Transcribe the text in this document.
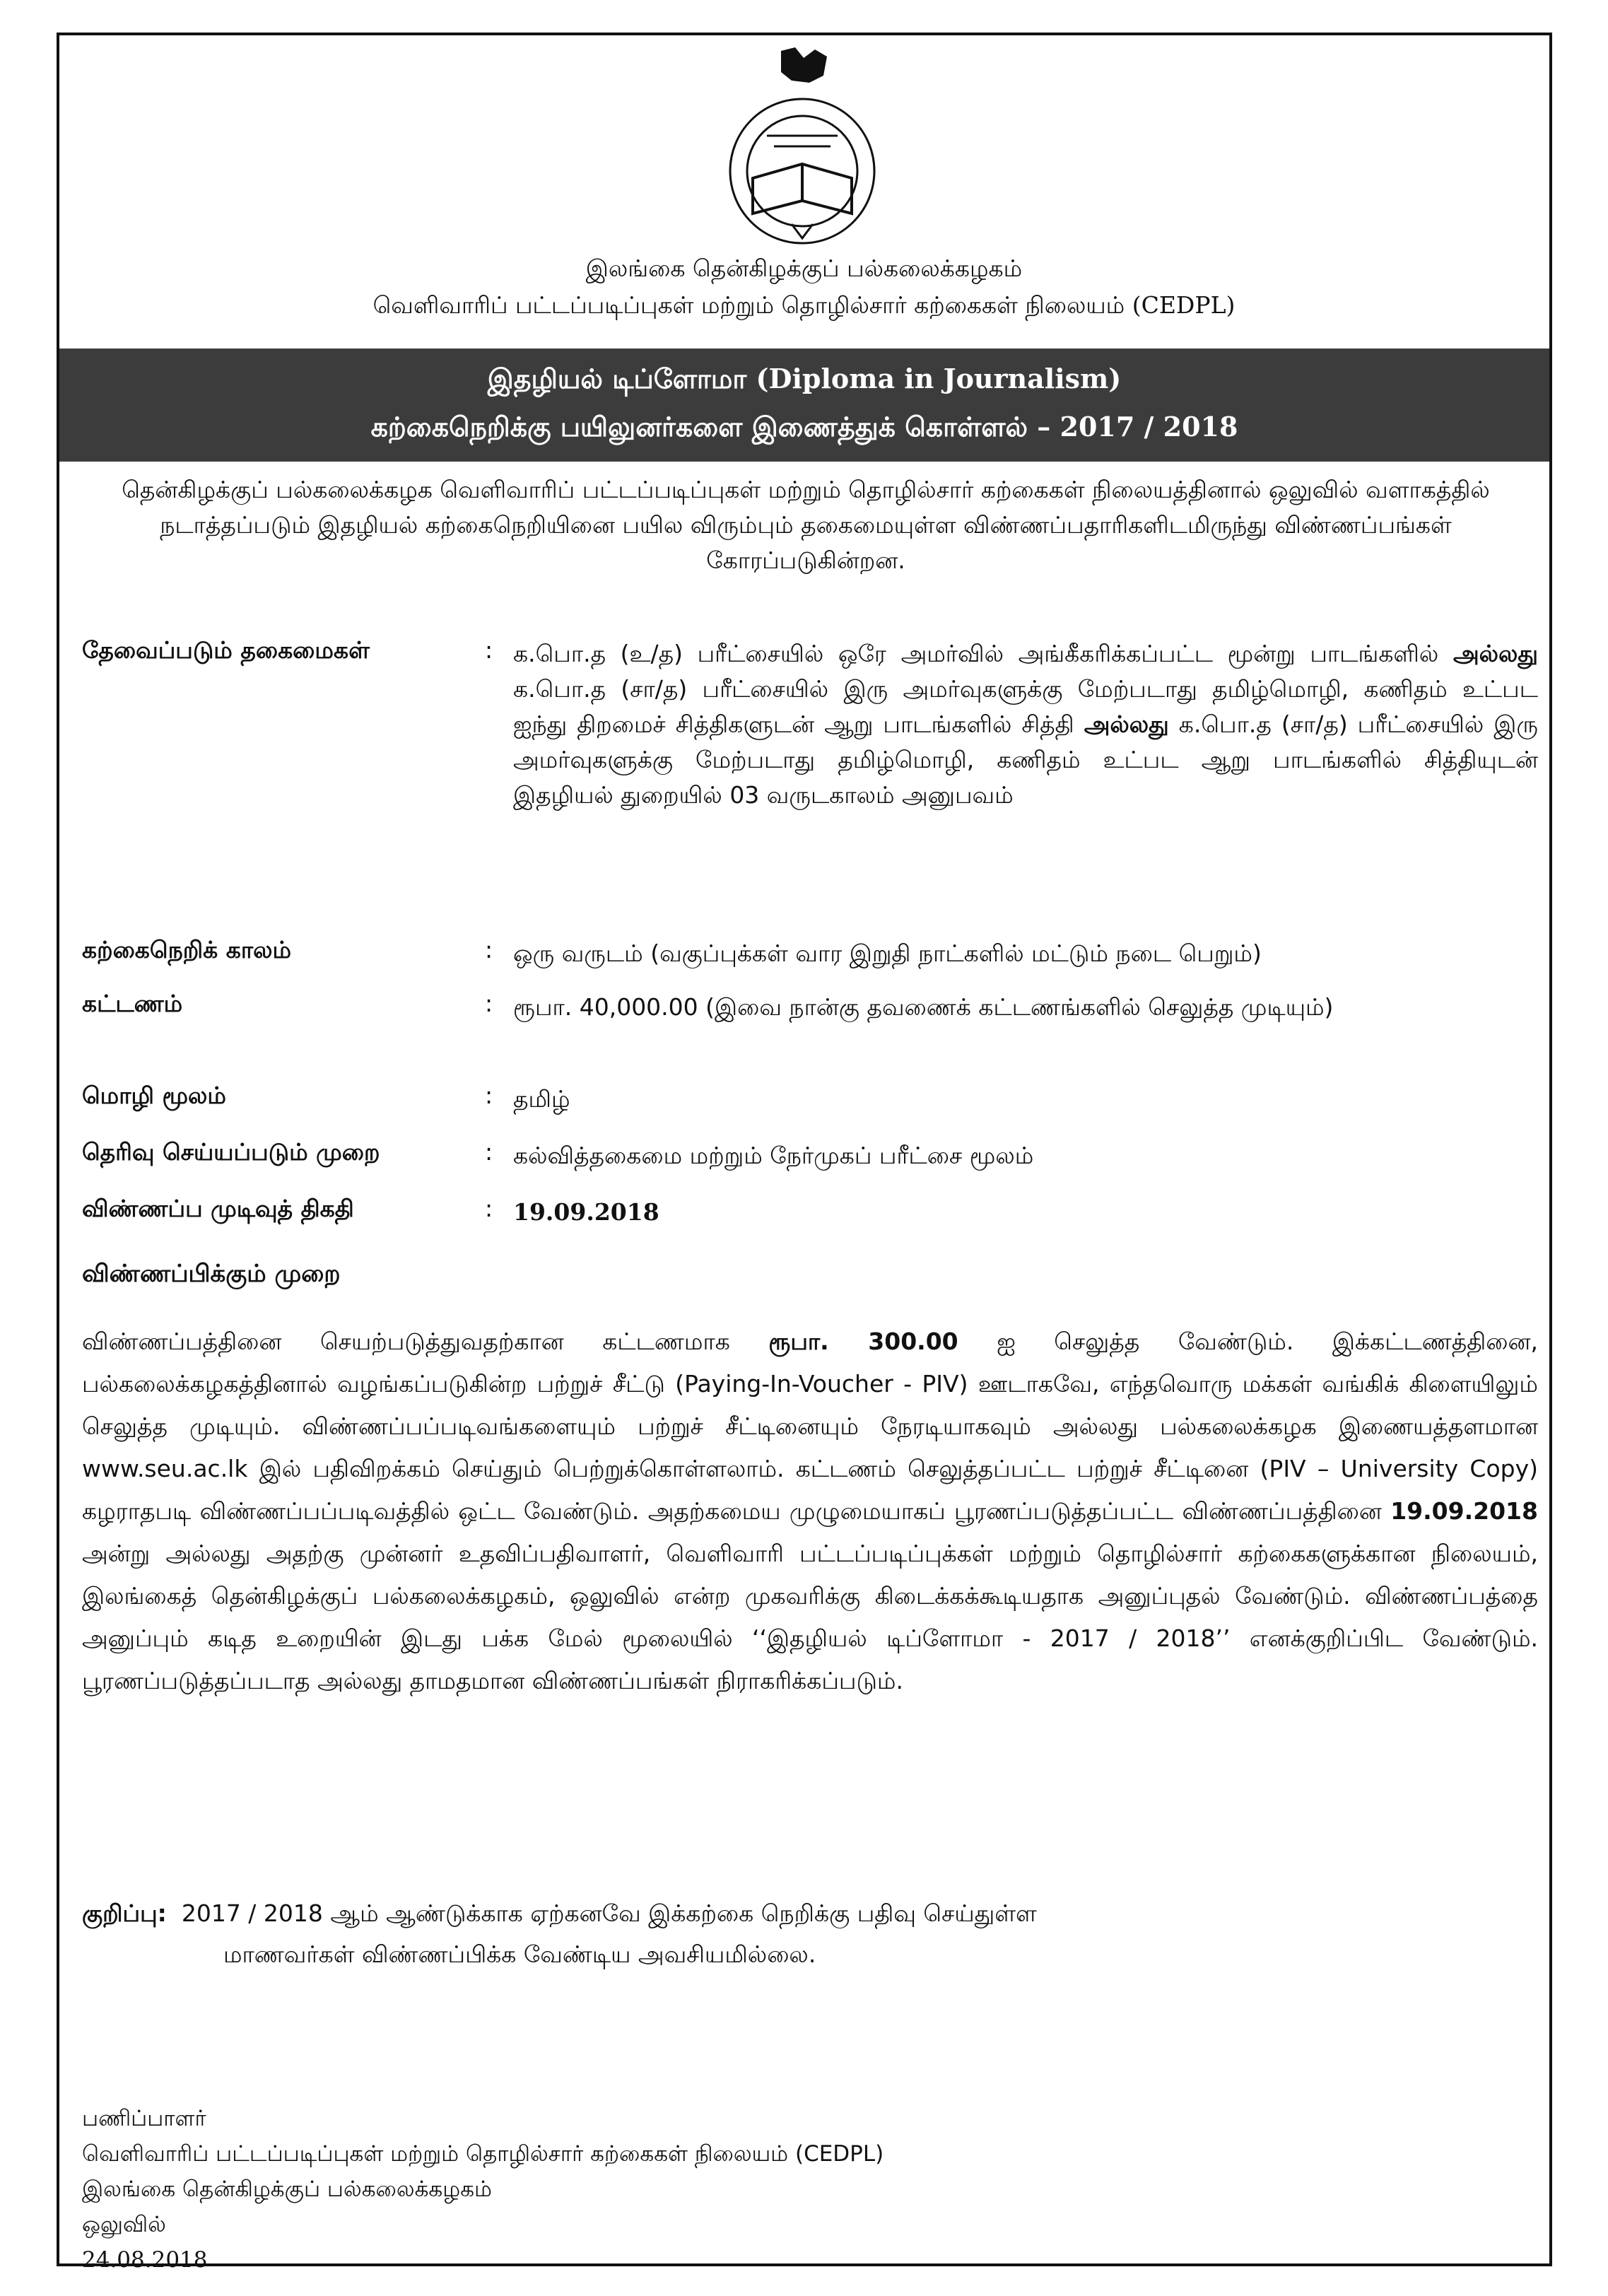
இலங்கை தென்கிழக்குப் பல்கலைக்கழகம்
வெளிவாரிப் பட்டப்படிப்புகள் மற்றும் தொழில்சார் கற்கைகள் நிலையம் (CEDPL)
இதழியல் டிப்ளோமா (Diploma in Journalism)
கற்கைநெறிக்கு பயிலுனர்களை இணைத்துக் கொள்ளல் – 2017 / 2018
தென்கிழக்குப் பல்கலைக்கழக வெளிவாரிப் பட்டப்படிப்புகள் மற்றும் தொழில்சார் கற்கைகள் நிலையத்தினால் ஒலுவில் வளாகத்தில் நடாத்தப்படும் இதழியல் கற்கைநெறியினை பயில விரும்பும் தகைமையுள்ள விண்ணப்பதாரிகளிடமிருந்து விண்ணப்பங்கள் கோரப்படுகின்றன.
தேவைப்படும் தகைமைகள்	: க.பொ.த (உ/த) பரீட்சையில் ஒரே அமர்வில் அங்கீகரிக்கப்பட்ட மூன்று பாடங்களில் அல்லது க.பொ.த (சா/த) பரீட்சையில் இரு அமர்வுகளுக்கு மேற்படாது தமிழ்மொழி, கணிதம் உட்பட ஐந்து திறமைச் சித்திகளுடன் ஆறு பாடங்களில் சித்தி அல்லது க.பொ.த (சா/த) பரீட்சையில் இரு அமர்வுகளுக்கு மேற்படாது தமிழ்மொழி, கணிதம் உட்பட ஆறு பாடங்களில் சித்தியுடன் இதழியல் துறையில் 03 வருடகாலம் அனுபவம்
கற்கைநெறிக் காலம்	: ஒரு வருடம் (வகுப்புக்கள் வார இறுதி நாட்களில் மட்டும் நடை பெறும்)
கட்டணம்	: ரூபா. 40,000.00 (இவை நான்கு தவணைக் கட்டணங்களில் செலுத்த முடியும்)
மொழி மூலம்	: தமிழ்
தெரிவு செய்யப்படும் முறை	: கல்வித்தகைமை மற்றும் நேர்முகப் பரீட்சை மூலம்
விண்ணப்ப முடிவுத் திகதி	: 19.09.2018
விண்ணப்பிக்கும் முறை
விண்ணப்பத்தினை செயற்படுத்துவதற்கான கட்டணமாக ரூபா. 300.00 ஐ செலுத்த வேண்டும். இக்கட்டணத்தினை, பல்கலைக்கழகத்தினால் வழங்கப்படுகின்ற பற்றுச் சீட்டு (Paying-In-Voucher - PIV) ஊடாகவே, எந்தவொரு மக்கள் வங்கிக் கிளையிலும் செலுத்த முடியும். விண்ணப்பப்படிவங்களையும் பற்றுச் சீட்டினையும் நேரடியாகவும் அல்லது பல்கலைக்கழக இணையத்தளமான www.seu.ac.lk இல் பதிவிறக்கம் செய்தும் பெற்றுக்கொள்ளலாம். கட்டணம் செலுத்தப்பட்ட பற்றுச் சீட்டினை (PIV – University Copy) கழராதபடி விண்ணப்பப்படிவத்தில் ஒட்ட வேண்டும். அதற்கமைய முழுமையாகப் பூரணப்படுத்தப்பட்ட விண்ணப்பத்தினை 19.09.2018 அன்று அல்லது அதற்கு முன்னர் உதவிப்பதிவாளர், வெளிவாரி பட்டப்படிப்புக்கள் மற்றும் தொழில்சார் கற்கைகளுக்கான நிலையம், இலங்கைத் தென்கிழக்குப் பல்கலைக்கழகம், ஒலுவில் என்ற முகவரிக்கு கிடைக்கக்கூடியதாக அனுப்புதல் வேண்டும். விண்ணப்பத்தை அனுப்பும் கடித உறையின் இடது பக்க மேல் மூலையில் ‘‘இதழியல் டிப்ளோமா - 2017 / 2018’’ எனக்குறிப்பிட வேண்டும். பூரணப்படுத்தப்படாத அல்லது தாமதமான விண்ணப்பங்கள் நிராகரிக்கப்படும்.
குறிப்பு: 2017 / 2018 ஆம் ஆண்டுக்காக ஏற்கனவே இக்கற்கை நெறிக்கு பதிவு செய்துள்ள
மாணவர்கள் விண்ணப்பிக்க வேண்டிய அவசியமில்லை.
பணிப்பாளர்
வெளிவாரிப் பட்டப்படிப்புகள் மற்றும் தொழில்சார் கற்கைகள் நிலையம் (CEDPL)
இலங்கை தென்கிழக்குப் பல்கலைக்கழகம்
ஒலுவில்
24.08.2018
